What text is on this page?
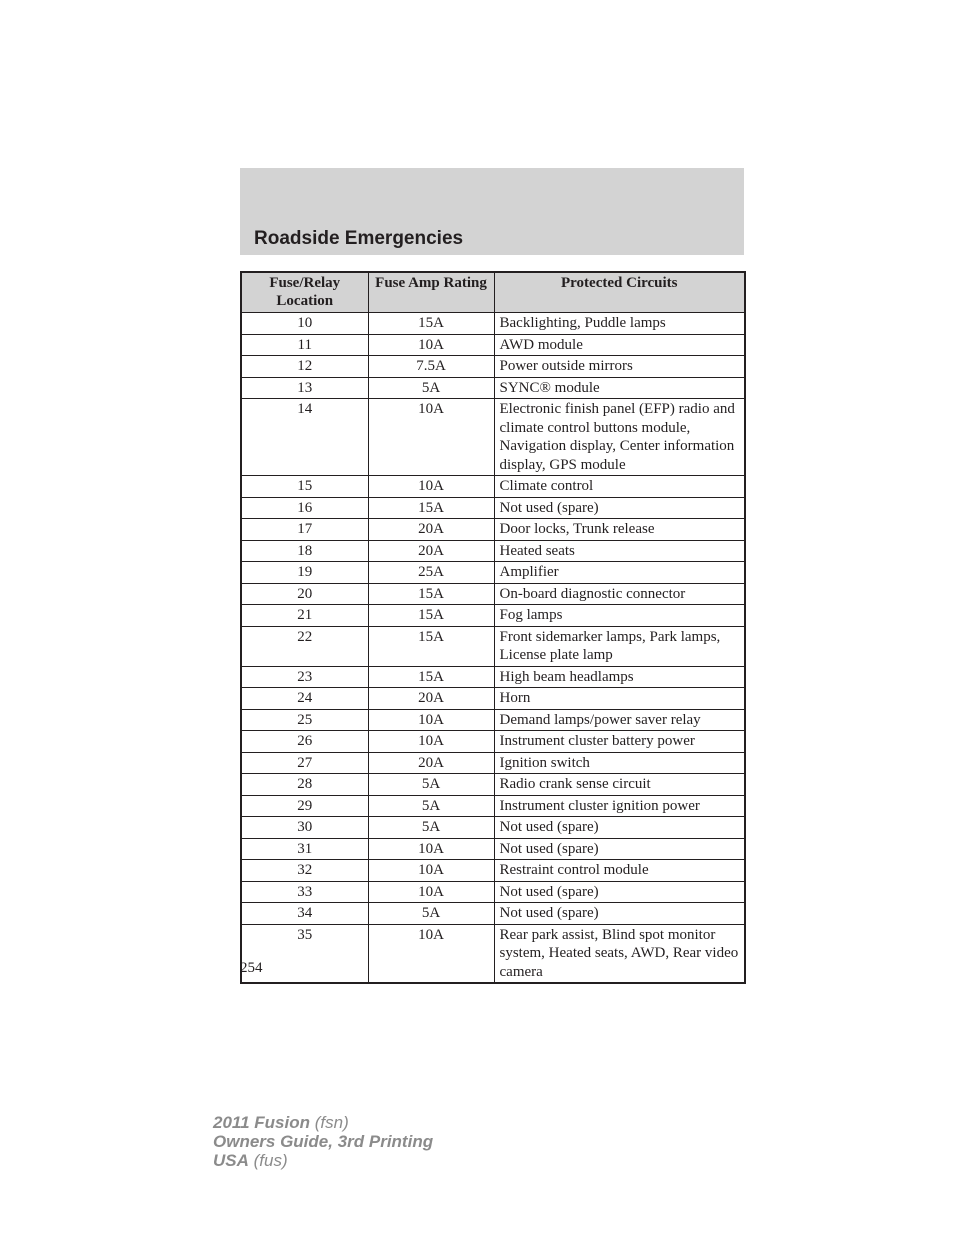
Roadside Emergencies
Fuse/Relay Location	Fuse Amp Rating	Protected Circuits
10	15A	Backlighting, Puddle lamps
11	10A	AWD module
12	7.5A	Power outside mirrors
13	5A	SYNC® module
14	10A	Electronic finish panel (EFP) radio and climate control buttons module, Navigation display, Center information display, GPS module
15	10A	Climate control
16	15A	Not used (spare)
17	20A	Door locks, Trunk release
18	20A	Heated seats
19	25A	Amplifier
20	15A	On-board diagnostic connector
21	15A	Fog lamps
22	15A	Front sidemarker lamps, Park lamps, License plate lamp
23	15A	High beam headlamps
24	20A	Horn
25	10A	Demand lamps/power saver relay
26	10A	Instrument cluster battery power
27	20A	Ignition switch
28	5A	Radio crank sense circuit
29	5A	Instrument cluster ignition power
30	5A	Not used (spare)
31	10A	Not used (spare)
32	10A	Restraint control module
33	10A	Not used (spare)
34	5A	Not used (spare)
35	10A	Rear park assist, Blind spot monitor system, Heated seats, AWD, Rear video camera
254
2011 Fusion (fsn)
Owners Guide, 3rd Printing
USA (fus)
